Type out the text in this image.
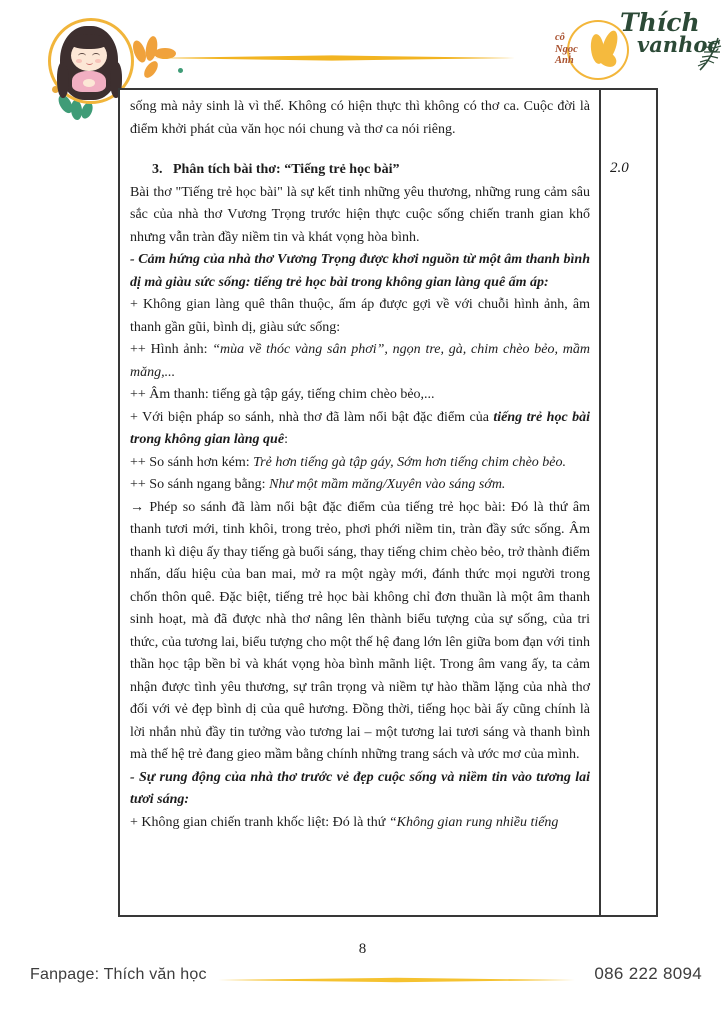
cô
Ngọc
Anh
Thích
vanhoc

sống mà nảy sinh là vì thế. Không có hiện thực thì không có thơ ca. Cuộc đời là điểm khởi phát của văn học nói chung và thơ ca nói riêng.

3.   Phân tích bài thơ: “Tiếng trẻ học bài”

Bài thơ "Tiếng trẻ học bài" là sự kết tinh những yêu thương, những rung cảm sâu sắc của nhà thơ Vương Trọng trước hiện thực cuộc sống chiến tranh gian khổ nhưng vẫn tràn đầy niềm tin và khát vọng hòa bình.

- Cảm hứng của nhà thơ Vương Trọng được khơi nguồn từ một âm thanh bình dị mà giàu sức sống: tiếng trẻ học bài trong không gian làng quê ấm áp:

+ Không gian làng quê thân thuộc, ấm áp được gợi về với chuỗi hình ảnh, âm thanh gần gũi, bình dị, giàu sức sống:

++ Hình ảnh: “mùa về thóc vàng sân phơi”, ngọn tre, gà, chim chèo bẻo, mầm măng,...

++ Âm thanh: tiếng gà tập gáy, tiếng chim chèo bẻo,...

+ Với biện pháp so sánh, nhà thơ đã làm nổi bật đặc điểm của tiếng trẻ học bài trong không gian làng quê:

++ So sánh hơn kém: Trẻ hơn tiếng gà tập gáy, Sớm hơn tiếng chim chèo bẻo.

++ So sánh ngang bằng: Như một mầm măng/Xuyên vào sáng sớm.

→ Phép so sánh đã làm nổi bật đặc điểm của tiếng trẻ học bài: Đó là thứ âm thanh tươi mới, tinh khôi, trong trẻo, phơi phới niềm tin, tràn đầy sức sống. Âm thanh kì diệu ấy thay tiếng gà buổi sáng, thay tiếng chim chèo bẻo, trở thành điểm nhấn, dấu hiệu của ban mai, mở ra một ngày mới, đánh thức mọi người trong chốn thôn quê. Đặc biệt, tiếng trẻ học bài không chỉ đơn thuần là một âm thanh sinh hoạt, mà đã được nhà thơ nâng lên thành biểu tượng của sự sống, của tri thức, của tương lai, biểu tượng cho một thế hệ đang lớn lên giữa bom đạn với tinh thần học tập bền bỉ và khát vọng hòa bình mãnh liệt. Trong âm vang ấy, ta cảm nhận được tình yêu thương, sự trân trọng và niềm tự hào thầm lặng của nhà thơ đối với vẻ đẹp bình dị của quê hương. Đồng thời, tiếng học bài ấy cũng chính là lời nhắn nhủ đầy tin tưởng vào tương lai – một tương lai tươi sáng và thanh bình mà thế hệ trẻ đang gieo mầm bằng chính những trang sách và ước mơ của mình.

- Sự rung động của nhà thơ trước vẻ đẹp cuộc sống và niềm tin vào tương lai tươi sáng:

+ Không gian chiến tranh khốc liệt: Đó là thứ “Không gian rung nhiều tiếng

2.0
8
Fanpage: Thích văn học	086 222 8094
